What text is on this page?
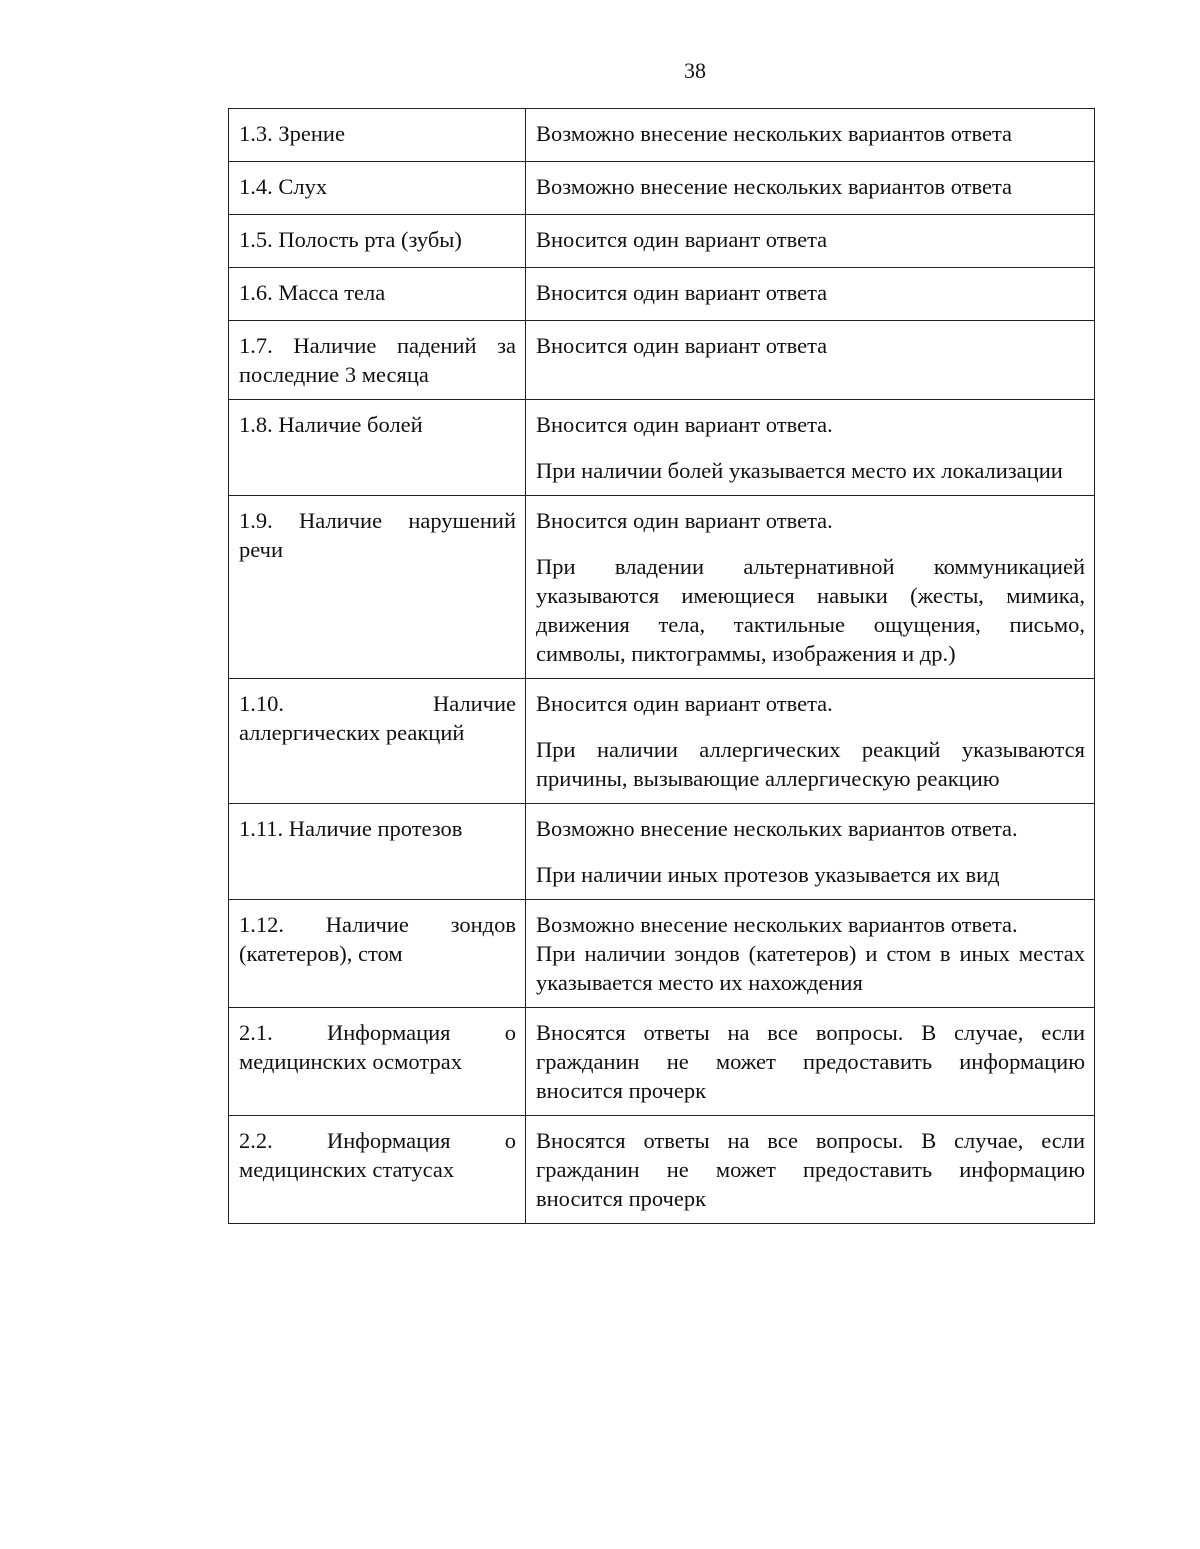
38
1.3. Зрение	Возможно внесение нескольких вариантов ответа

1.4. Слух	Возможно внесение нескольких вариантов ответа

1.5. Полость рта (зубы)	Вносится один вариант ответа

1.6. Масса тела	Вносится один вариант ответа

1.7. Наличие падений за последние 3 месяца	Вносится один вариант ответа

1.8. Наличие болей	Вносится один вариант ответа.
При наличии болей указывается место их локализации

1.9. Наличие нарушений речи	Вносится один вариант ответа.
При владении альтернативной коммуникацией указываются имеющиеся навыки (жесты, мимика, движения тела, тактильные ощущения, письмо, символы, пиктограммы, изображения и др.)

1.10. Наличие аллергических реакций	Вносится один вариант ответа.
При наличии аллергических реакций указываются причины, вызывающие аллергическую реакцию

1.11. Наличие протезов	Возможно внесение нескольких вариантов ответа.
При наличии иных протезов указывается их вид

1.12. Наличие зондов (катетеров), стом	Возможно внесение нескольких вариантов ответа.
При наличии зондов (катетеров) и стом в иных местах указывается место их нахождения

2.1. Информация о медицинских осмотрах	Вносятся ответы на все вопросы. В случае, если гражданин не может предоставить информацию вносится прочерк

2.2. Информация о медицинских статусах	Вносятся ответы на все вопросы. В случае, если гражданин не может предоставить информацию вносится прочерк
